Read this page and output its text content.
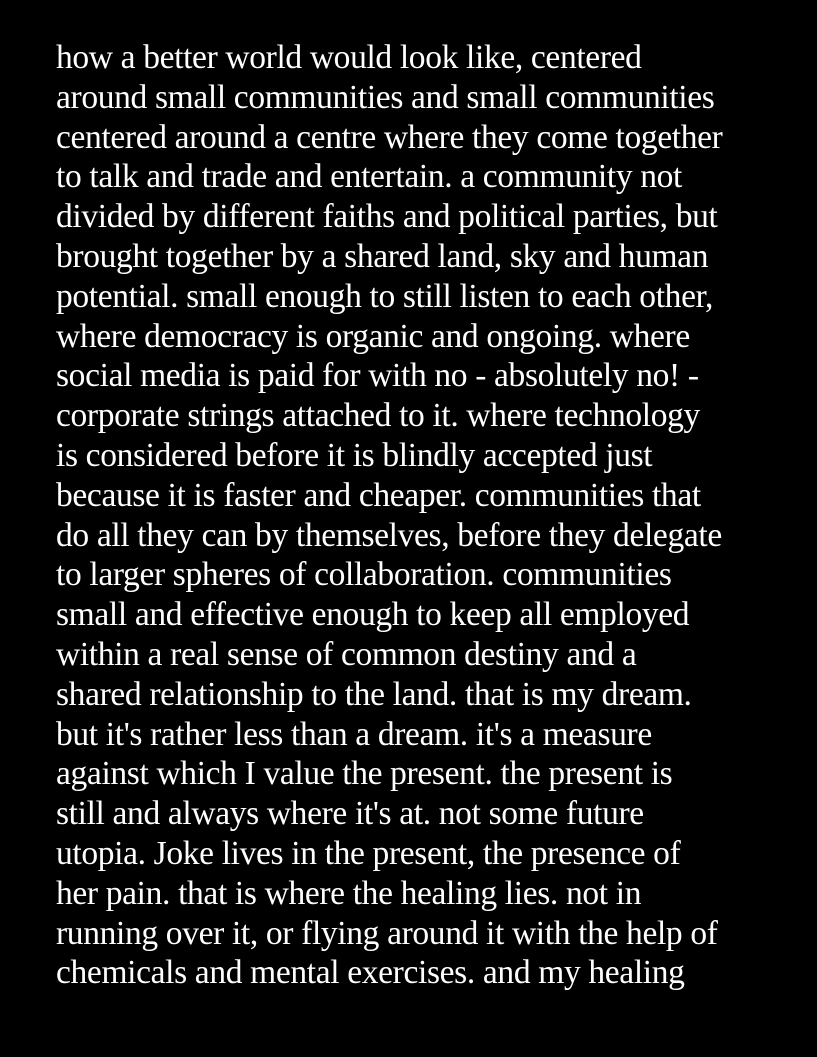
how a better world would look like, centered
around small communities and small communities
centered around a centre where they come together
to talk and trade and entertain. a community not
divided by different faiths and political parties, but
brought together by a shared land, sky and human
potential. small enough to still listen to each other,
where democracy is organic and ongoing. where
social media is paid for with no - absolutely no! -
corporate strings attached to it. where technology
is considered before it is blindly accepted just
because it is faster and cheaper. communities that
do all they can by themselves, before they delegate
to larger spheres of collaboration. communities
small and effective enough to keep all employed
within a real sense of common destiny and a
shared relationship to the land. that is my dream.
but it's rather less than a dream. it's a measure
against which I value the present. the present is
still and always where it's at. not some future
utopia. Joke lives in the present, the presence of
her pain. that is where the healing lies. not in
running over it, or flying around it with the help of
chemicals and mental exercises. and my healing
